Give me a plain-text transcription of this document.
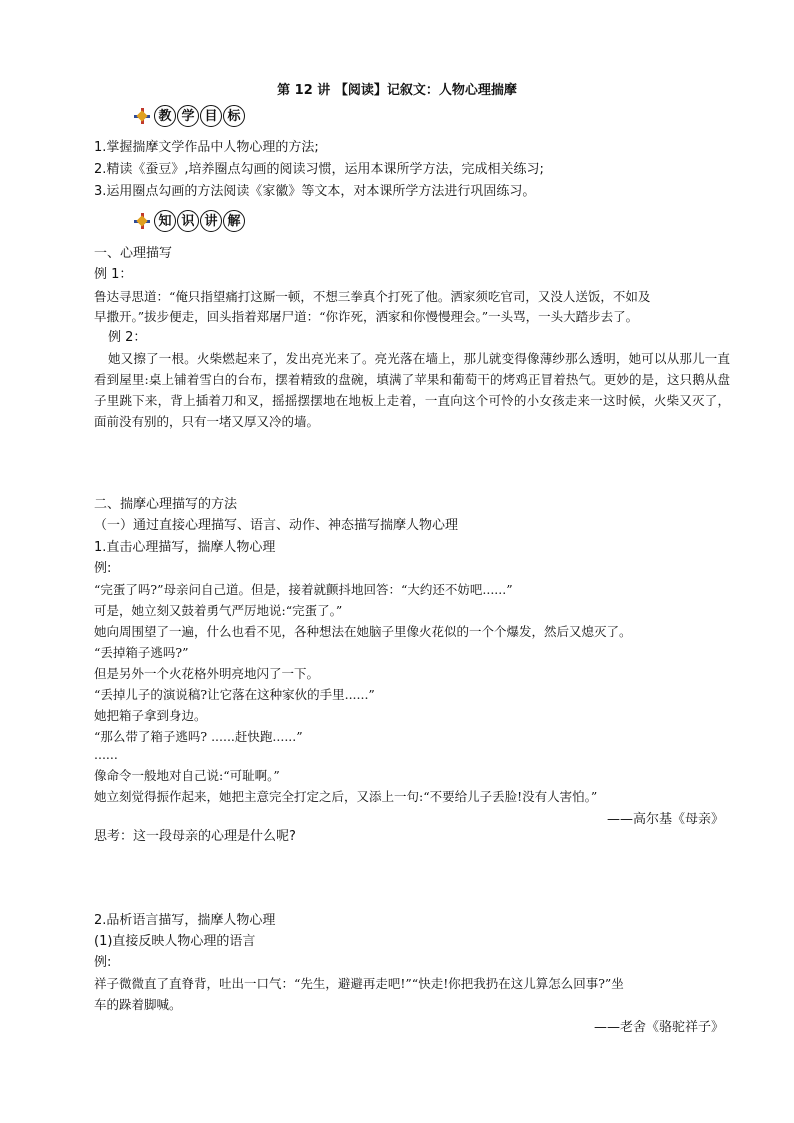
第 12 讲 【阅读】记叙文：人物心理揣摩
教 学 目 标
1.掌握揣摩文学作品中人物心理的方法;
2.精读《蚕豆》,培养圈点勾画的阅读习惯，运用本课所学方法，完成相关练习;
3.运用圈点勾画的方法阅读《家徽》等文本，对本课所学方法进行巩固练习。
知 识 讲 解
一、心理描写
例 1：
鲁达寻思道：“俺只指望痛打这厮一顿，不想三拳真个打死了他。洒家须吃官司，又没人送饭，不如及
早撒开。”拔步便走，回头指着郑屠尸道：“你诈死，洒家和你慢慢理会。”一头骂，一头大踏步去了。
例 2：
她又擦了一根。火柴燃起来了，发出亮光来了。亮光落在墙上，那儿就变得像薄纱那么透明，她可以从那儿一直看到屋里:桌上铺着雪白的台布，摆着精致的盘碗，填满了苹果和葡萄干的烤鸡正冒着热气。更妙的是，这只鹅从盘子里跳下来，背上插着刀和叉，摇摇摆摆地在地板上走着，一直向这个可怜的小女孩走来一这时候，火柴又灭了，面前没有别的，只有一堵又厚又冷的墙。
二、揣摩心理描写的方法
（一）通过直接心理描写、语言、动作、神态描写揣摩人物心理
1.直击心理描写，揣摩人物心理
例:
“完蛋了吗?”母亲问自己道。但是，接着就颤抖地回答：“大约还不妨吧......”
可是，她立刻又鼓着勇气严厉地说:“完蛋了。”
她向周围望了一遍，什么也看不见，各种想法在她脑子里像火花似的一个个爆发，然后又熄灭了。
“丢掉箱子逃吗?”
但是另外一个火花格外明亮地闪了一下。
“丢掉儿子的演说稿?让它落在这种家伙的手里......”
她把箱子拿到身边。
“那么带了箱子逃吗? ......赶快跑......”
......
像命令一般地对自己说:“可耻啊。”
她立刻觉得振作起来，她把主意完全打定之后，又添上一句:“不要给儿子丢脸!没有人害怕。”
——高尔基《母亲》
思考：这一段母亲的心理是什么呢?
2.品析语言描写，揣摩人物心理
(1)直接反映人物心理的语言
例:
祥子微微直了直脊背，吐出一口气：“先生，避避再走吧!”“快走!你把我扔在这儿算怎么回事?”坐
车的跺着脚喊。
——老舍《骆驼祥子》
